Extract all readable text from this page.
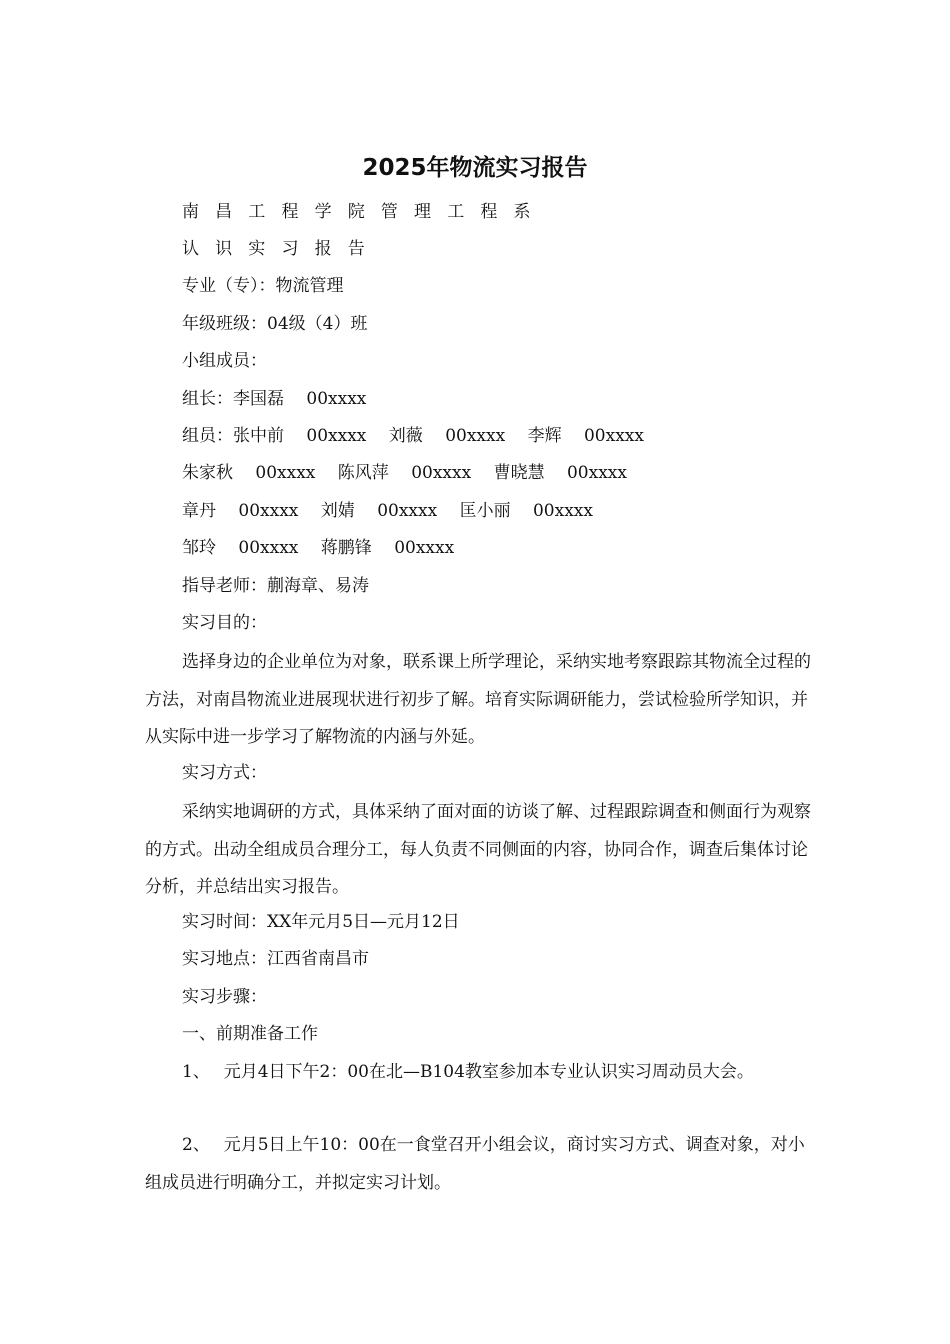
2025年物流实习报告

南昌工程学院管理工程系

认识实习报告

专业（专）：物流管理

年级班级：04级（4）班

小组成员：

组长：李国磊　 00xxxx

组员：张中前　 00xxxx　 刘薇　 00xxxx　 李辉　 00xxxx

朱家秋　 00xxxx　 陈风萍　 00xxxx　 曹晓慧　 00xxxx

章丹　 00xxxx　 刘婧　 00xxxx　 匡小丽　 00xxxx

邹玲　 00xxxx　 蒋鹏锋　 00xxxx

指导老师：蒯海章、易涛

实习目的：

选择身边的企业单位为对象，联系课上所学理论，采纳实地考察跟踪其物流全过程的方法，对南昌物流业进展现状进行初步了解。培育实际调研能力，尝试检验所学知识，并从实际中进一步学习了解物流的内涵与外延。

实习方式：

采纳实地调研的方式，具体采纳了面对面的访谈了解、过程跟踪调查和侧面行为观察的方式。出动全组成员合理分工，每人负责不同侧面的内容，协同合作，调查后集体讨论分析，并总结出实习报告。

实习时间：XX年元月5日—元月12日

实习地点：江西省南昌市

实习步骤：

一、前期准备工作

1、　 元月4日下午2：00在北—B104教室参加本专业认识实习周动员大会。

2、　 元月5日上午10：00在一食堂召开小组会议，商讨实习方式、调查对象，对小组成员进行明确分工，并拟定实习计划。
